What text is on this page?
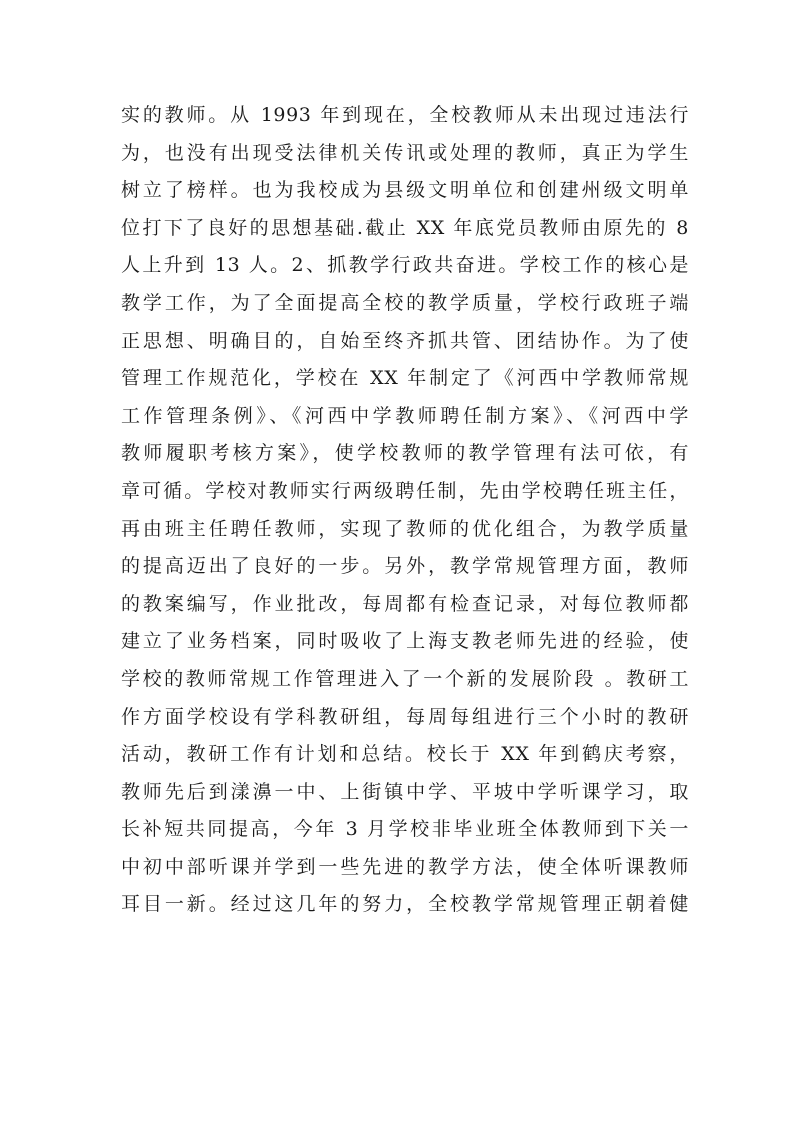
实的教师。从 1993 年到现在，全校教师从未出现过违法行
为，也没有出现受法律机关传讯或处理的教师，真正为学生
树立了榜样。也为我校成为县级文明单位和创建州级文明单
位打下了良好的思想基础.截止 XX 年底党员教师由原先的 8
人上升到 13 人。2、抓教学行政共奋进。学校工作的核心是
教学工作，为了全面提高全校的教学质量，学校行政班子端
正思想、明确目的，自始至终齐抓共管、团结协作。为了使
管理工作规范化，学校在 XX 年制定了《河西中学教师常规
工作管理条例》、《河西中学教师聘任制方案》、《河西中学
教师履职考核方案》，使学校教师的教学管理有法可依，有
章可循。学校对教师实行两级聘任制，先由学校聘任班主任，
再由班主任聘任教师，实现了教师的优化组合，为教学质量
的提高迈出了良好的一步。另外，教学常规管理方面，教师
的教案编写，作业批改，每周都有检查记录，对每位教师都
建立了业务档案，同时吸收了上海支教老师先进的经验，使
学校的教师常规工作管理进入了一个新的发展阶段 。教研工
作方面学校设有学科教研组，每周每组进行三个小时的教研
活动，教研工作有计划和总结。校长于 XX 年到鹤庆考察，
教师先后到漾濞一中、上街镇中学、平坡中学听课学习，取
长补短共同提高，今年 3 月学校非毕业班全体教师到下关一
中初中部听课并学到一些先进的教学方法，使全体听课教师
耳目一新。经过这几年的努力，全校教学常规管理正朝着健
